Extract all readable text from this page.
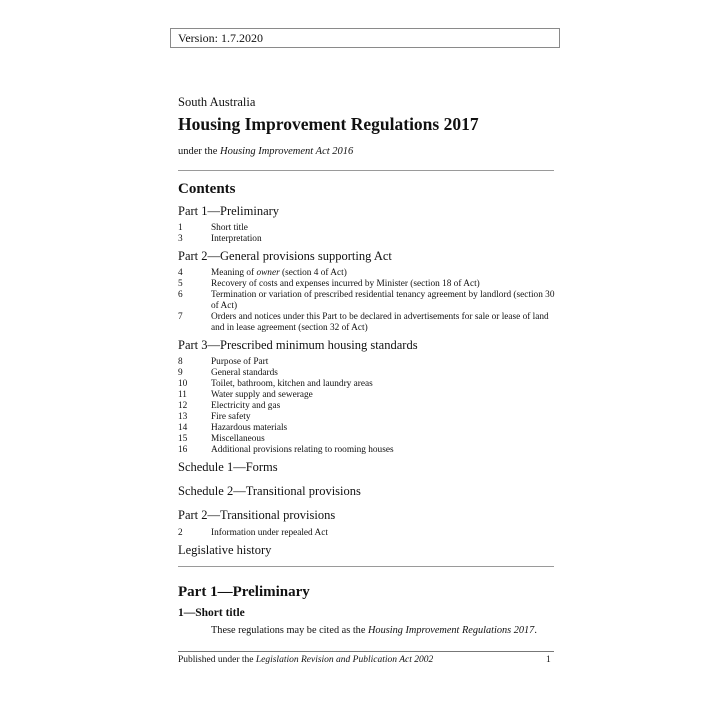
Version: 1.7.2020
South Australia
Housing Improvement Regulations 2017
under the Housing Improvement Act 2016
Contents
Part 1—Preliminary
1	Short title
3	Interpretation
Part 2—General provisions supporting Act
4	Meaning of owner (section 4 of Act)
5	Recovery of costs and expenses incurred by Minister (section 18 of Act)
6	Termination or variation of prescribed residential tenancy agreement by landlord (section 30 of Act)
7	Orders and notices under this Part to be declared in advertisements for sale or lease of land and in lease agreement (section 32 of Act)
Part 3—Prescribed minimum housing standards
8	Purpose of Part
9	General standards
10	Toilet, bathroom, kitchen and laundry areas
11	Water supply and sewerage
12	Electricity and gas
13	Fire safety
14	Hazardous materials
15	Miscellaneous
16	Additional provisions relating to rooming houses
Schedule 1—Forms
Schedule 2—Transitional provisions
Part 2—Transitional provisions
2	Information under repealed Act
Legislative history
Part 1—Preliminary
1—Short title
These regulations may be cited as the Housing Improvement Regulations 2017.
Published under the Legislation Revision and Publication Act 2002	1
